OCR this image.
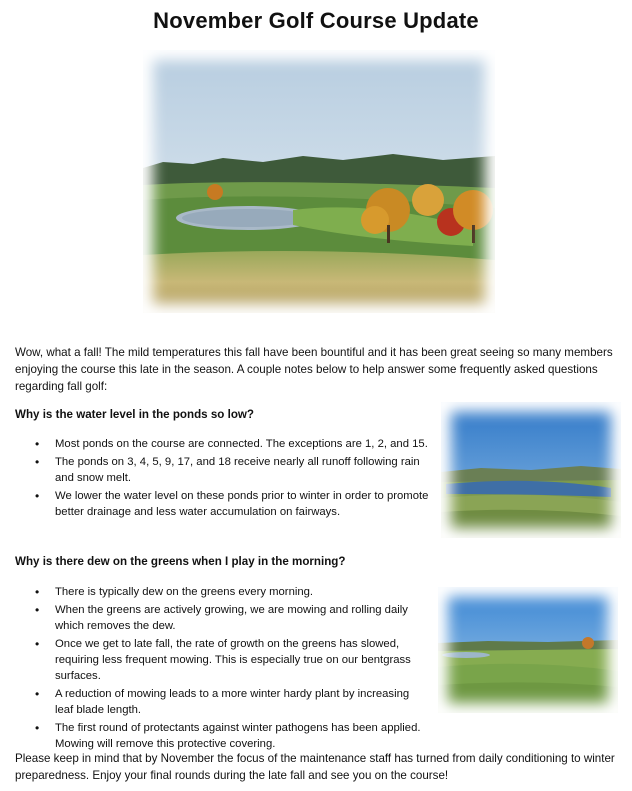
November Golf Course Update
Wow, what a fall! The mild temperatures this fall have been bountiful and it has been great seeing so many members enjoying the course this late in the season. A couple notes below to help answer some frequently asked questions regarding fall golf:
Why is the water level in the ponds so low?
• Most ponds on the course are connected. The exceptions are 1, 2, and 15.
• The ponds on 3, 4, 5, 9, 17, and 18 receive nearly all runoff following rain and snow melt.
• We lower the water level on these ponds prior to winter in order to promote better drainage and less water accumulation on fairways.
Why is there dew on the greens when I play in the morning?
• There is typically dew on the greens every morning.
• When the greens are actively growing, we are mowing and rolling daily which removes the dew.
• Once we get to late fall, the rate of growth on the greens has slowed, requiring less frequent mowing. This is especially true on our bentgrass surfaces.
• A reduction of mowing leads to a more winter hardy plant by increasing leaf blade length.
• The first round of protectants against winter pathogens has been applied. Mowing will remove this protective covering.
Please keep in mind that by November the focus of the maintenance staff has turned from daily conditioning to winter preparedness. Enjoy your final rounds during the late fall and see you on the course!
